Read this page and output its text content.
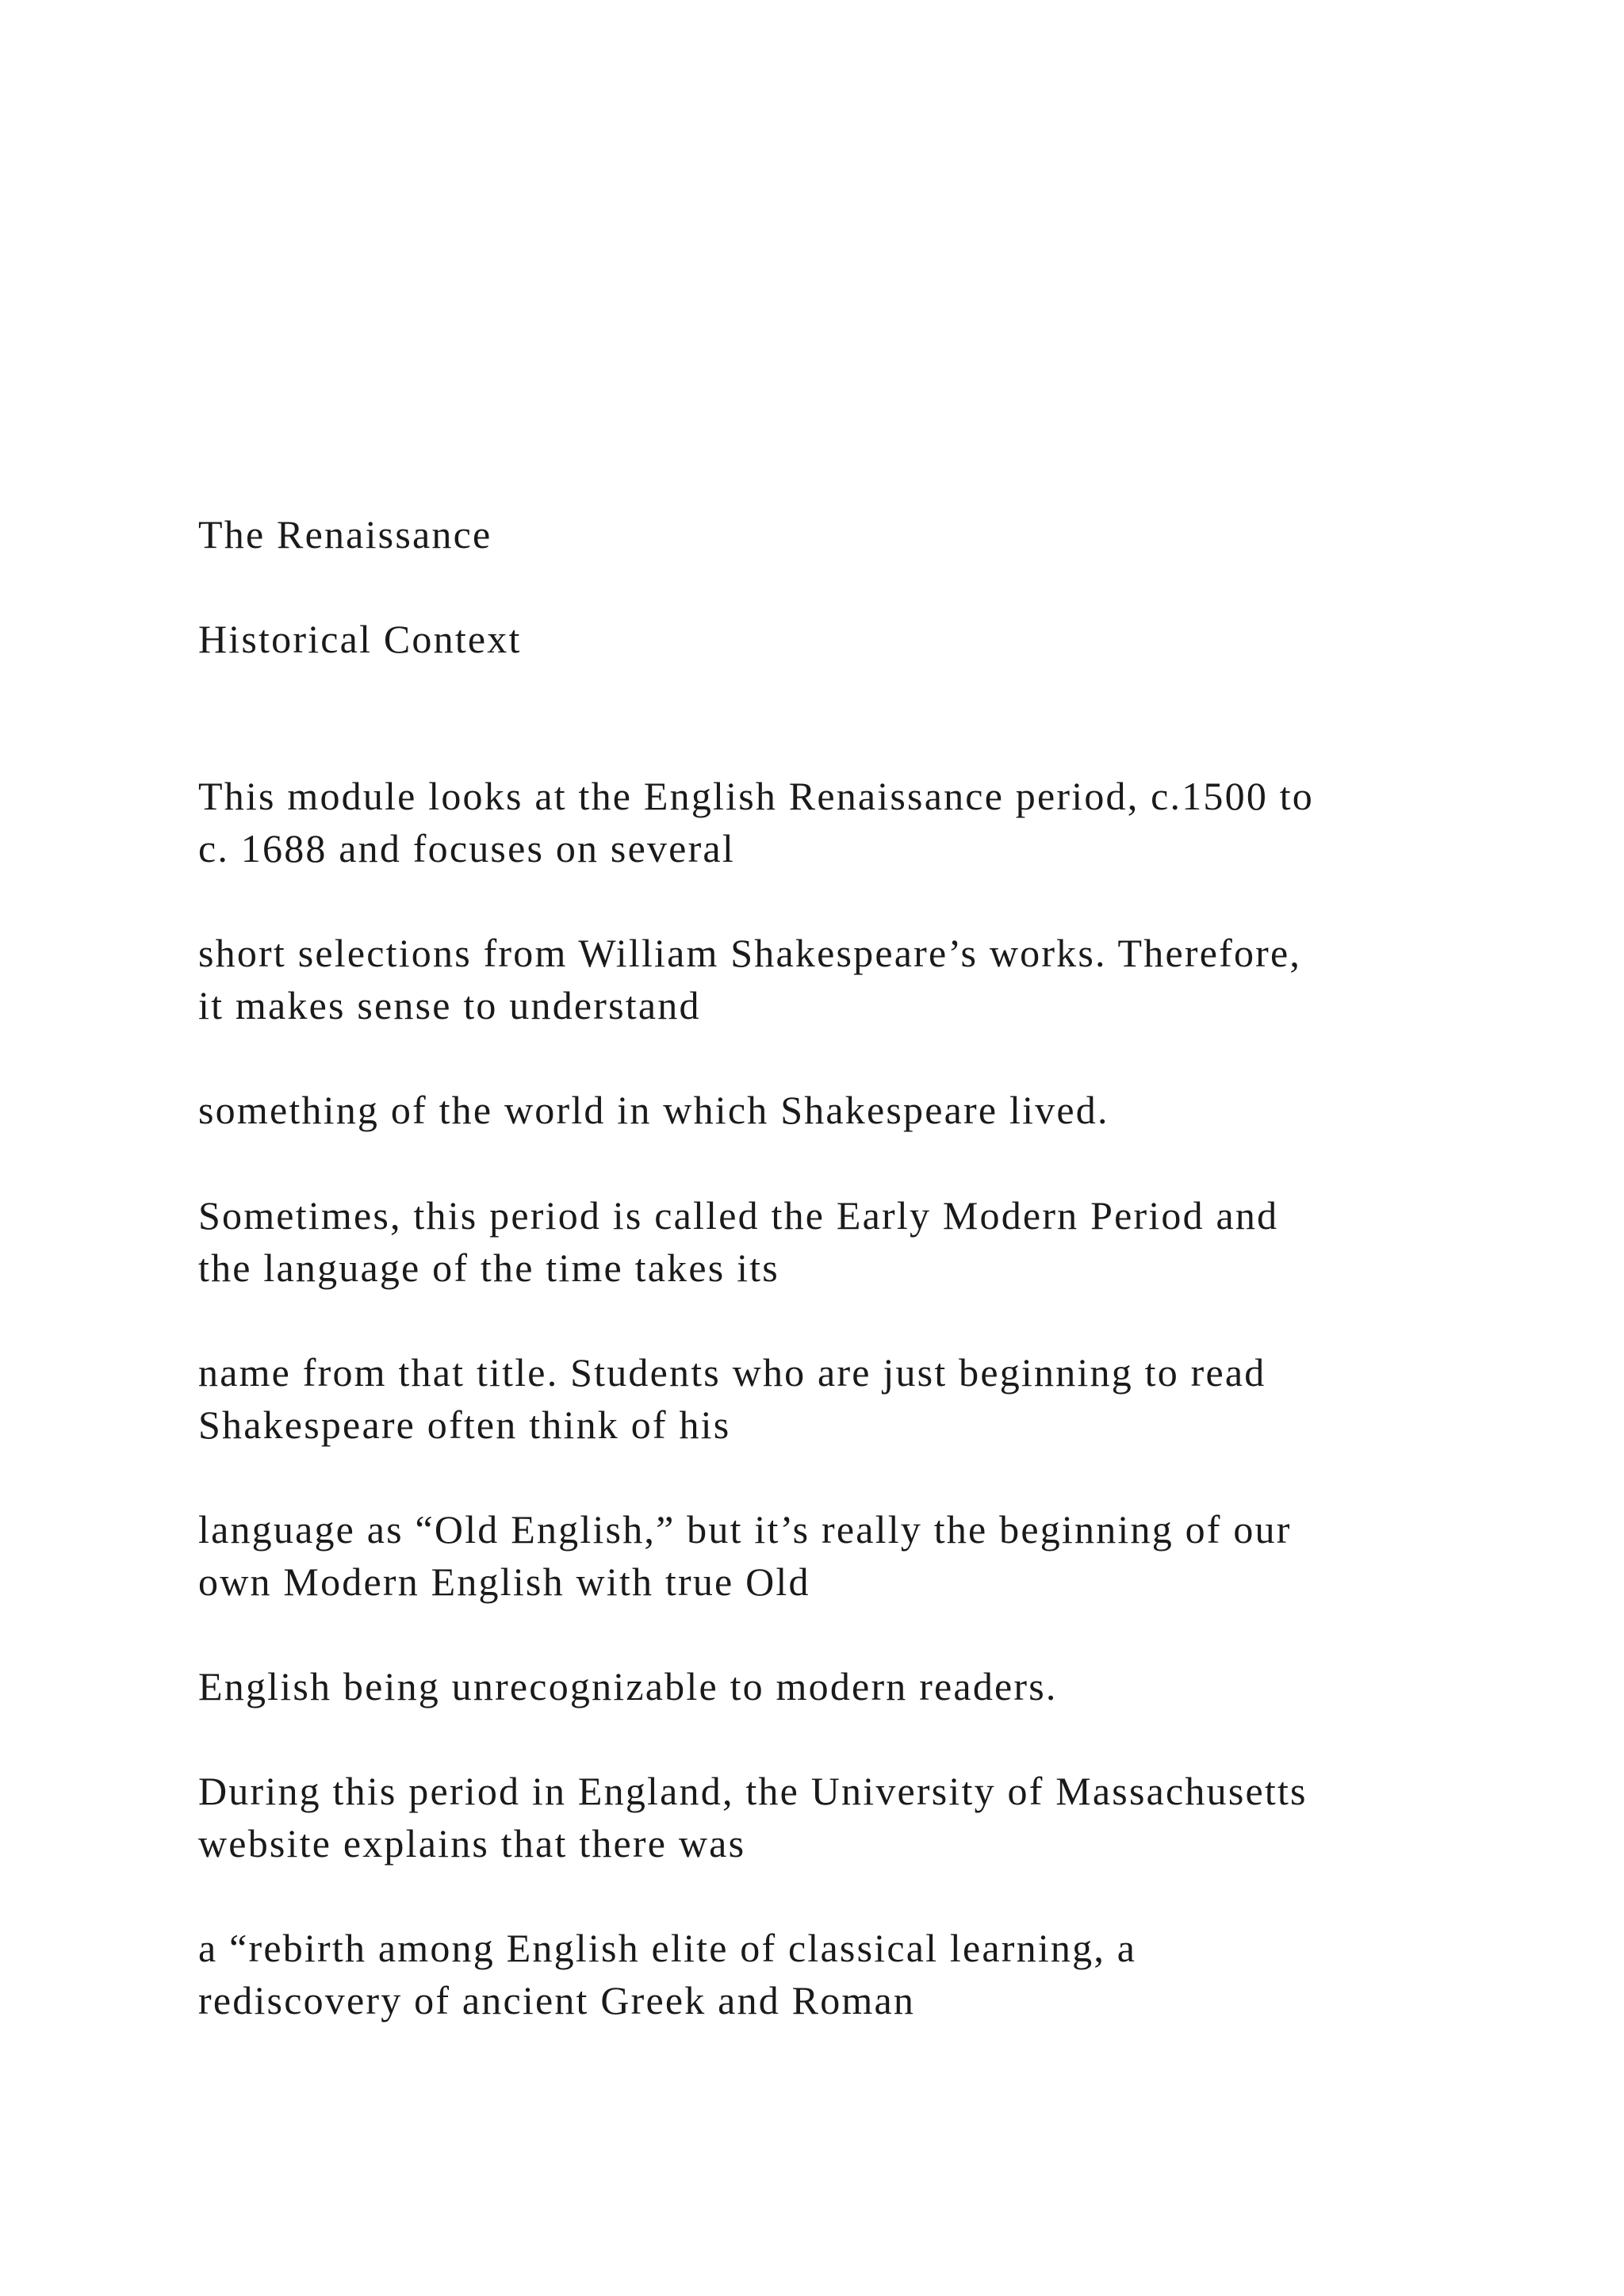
The Renaissance

Historical Context

This module looks at the English Renaissance period, c.1500 to

c. 1688 and focuses on several

short selections from William Shakespeare’s works. Therefore,

it makes sense to understand

something of the world in which Shakespeare lived.

Sometimes, this period is called the Early Modern Period and

the language of the time takes its

name from that title. Students who are just beginning to read

Shakespeare often think of his

language as “Old English,” but it’s really the beginning of our

own Modern English with true Old

English being unrecognizable to modern readers.

During this period in England, the University of Massachusetts

website explains that there was

a “rebirth among English elite of classical learning, a

rediscovery of ancient Greek and Roman
